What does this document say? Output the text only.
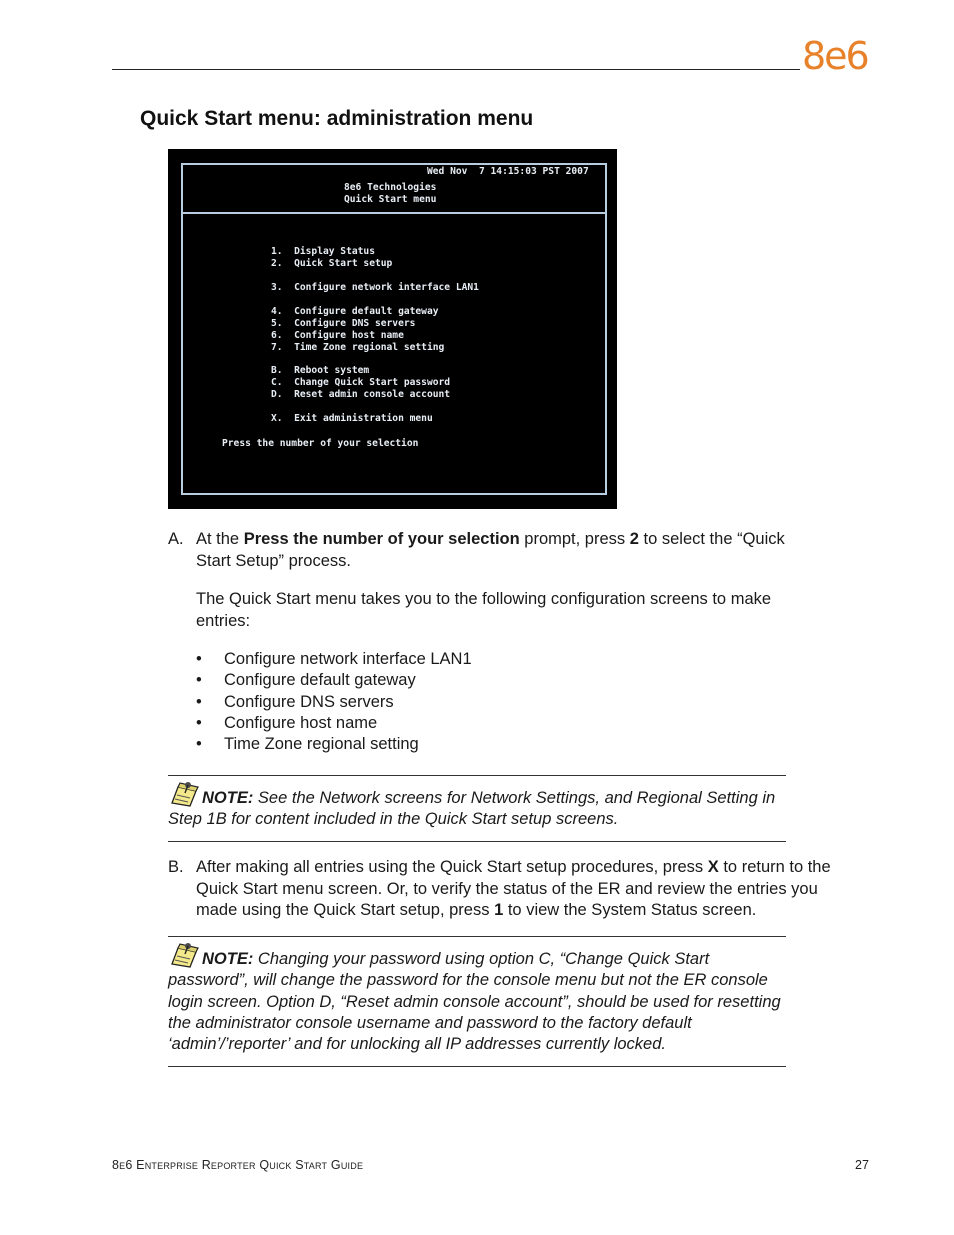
8e6
Quick Start menu: administration menu
Wed Nov  7 14:15:03 PST 2007
8e6 Technologies
Quick Start menu
1.  Display Status
2.  Quick Start setup
3.  Configure network interface LAN1
4.  Configure default gateway
5.  Configure DNS servers
6.  Configure host name
7.  Time Zone regional setting
B.  Reboot system
C.  Change Quick Start password
D.  Reset admin console account
X.  Exit administration menu
Press the number of your selection
A. At the Press the number of your selection prompt, press 2 to select the “Quick Start Setup” process.

The Quick Start menu takes you to the following configuration screens to make entries:

• Configure network interface LAN1
• Configure default gateway
• Configure DNS servers
• Configure host name
• Time Zone regional setting

NOTE: See the Network screens for Network Settings, and Regional Setting in Step 1B for content included in the Quick Start setup screens.

B. After making all entries using the Quick Start setup procedures, press X to return to the Quick Start menu screen. Or, to verify the status of the ER and review the entries you made using the Quick Start setup, press 1 to view the System Status screen.

NOTE: Changing your password using option C, “Change Quick Start password”, will change the password for the console menu but not the ER console login screen. Option D, “Reset admin console account”, should be used for resetting the administrator console username and password to the factory default ‘admin’/’reporter’ and for unlocking all IP addresses currently locked.

8e6 Enterprise Reporter Quick Start Guide	27
